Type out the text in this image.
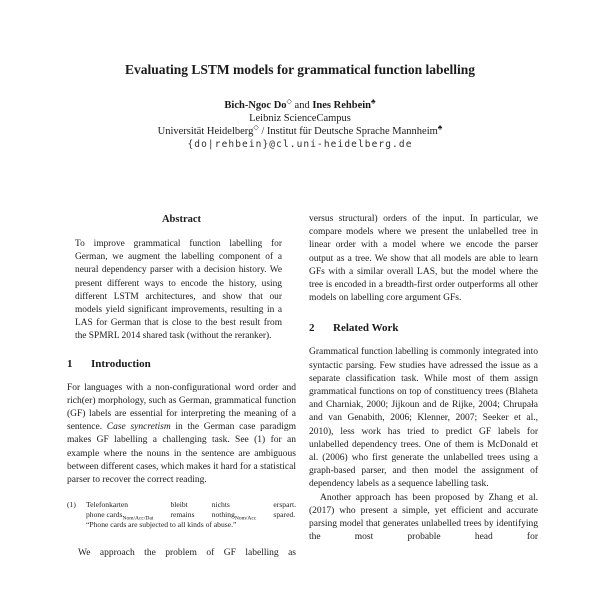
Evaluating LSTM models for grammatical function labelling
Bich-Ngoc Do◇ and Ines Rehbein♣
Leibniz ScienceCampus
Universität Heidelberg◇ / Institut für Deutsche Sprache Mannheim♣
{do|rehbein}@cl.uni-heidelberg.de
Abstract

To improve grammatical function labelling for German, we augment the labelling component of a neural dependency parser with a decision history. We present different ways to encode the history, using different LSTM architectures, and show that our models yield significant improvements, resulting in a LAS for German that is close to the best result from the SPMRL 2014 shared task (without the reranker).

1 Introduction

For languages with a non-configurational word order and rich(er) morphology, such as German, grammatical function (GF) labels are essential for interpreting the meaning of a sentence. Case syncretism in the German case paradigm makes GF labelling a challenging task. See (1) for an example where the nouns in the sentence are ambiguous between different cases, which makes it hard for a statistical parser to recover the correct reading.

(1)	Telefonkarten
phone cards$_{Nom/Acc/Dat}$
bleibt
remains
nichts
nothing$_{Nom/Acc}$
erspart.
spared.
“Phone cards are subjected to all kinds of abuse.”

We approach the problem of GF labelling as

versus structural) orders of the input. In particular, we compare models where we present the unlabelled tree in linear order with a model where we encode the parser output as a tree. We show that all models are able to learn GFs with a similar overall LAS, but the model where the tree is encoded in a breadth-first order outperforms all other models on labelling core argument GFs.

2 Related Work

Grammatical function labelling is commonly integrated into syntactic parsing. Few studies have adressed the issue as a separate classification task. While most of them assign grammatical functions on top of constituency trees (Blaheta and Charniak, 2000; Jijkoun and de Rijke, 2004; Chrupała and van Genabith, 2006; Klenner, 2007; Seeker et al., 2010), less work has tried to predict GF labels for unlabelled dependency trees. One of them is McDonald et al. (2006) who first generate the unlabelled trees using a graph-based parser, and then model the assignment of dependency labels as a sequence labelling task.

Another approach has been proposed by Zhang et al. (2017) who present a simple, yet efficient and accurate parsing model that generates unlabelled trees by identifying the most probable head for
